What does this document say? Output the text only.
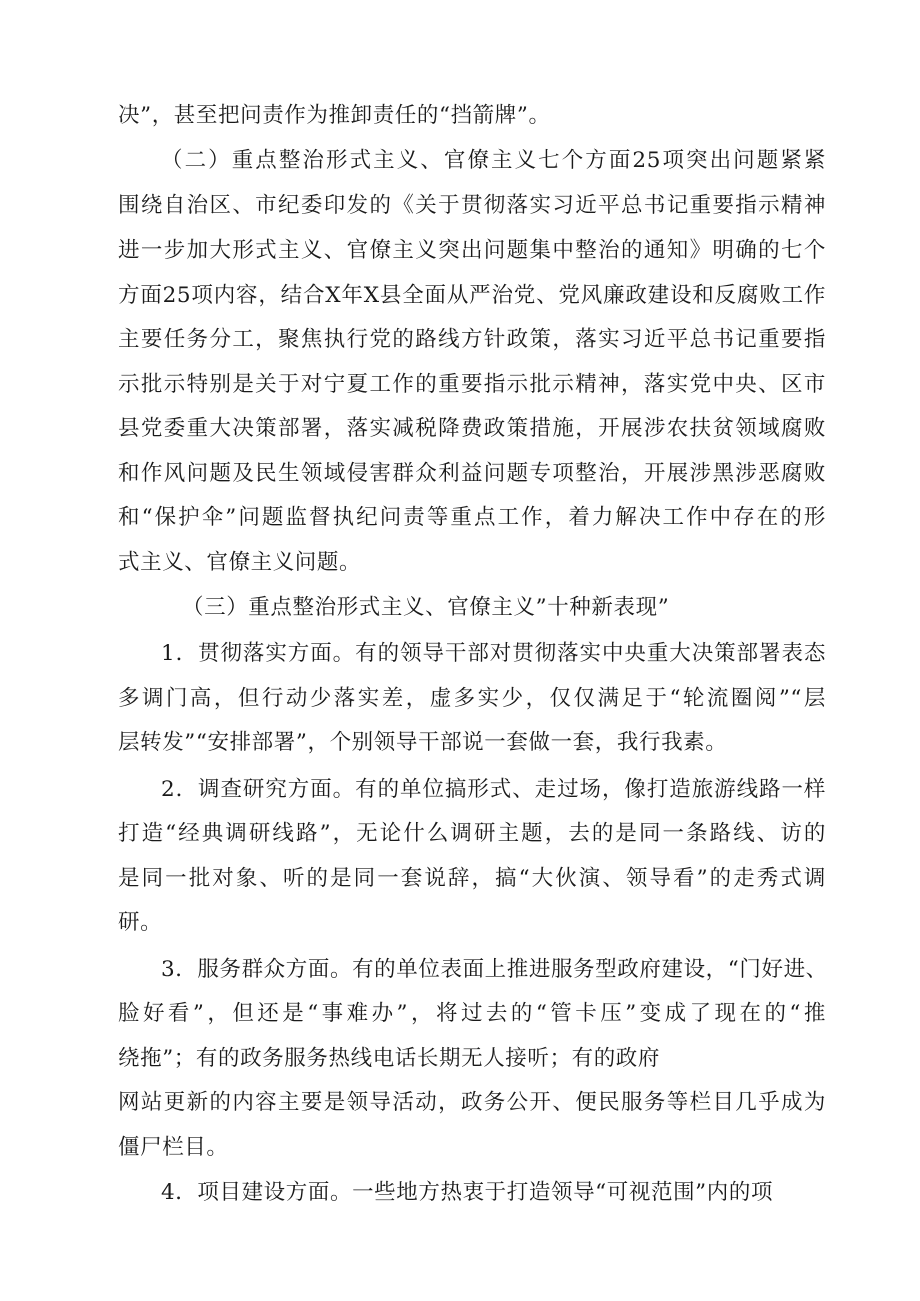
决”，甚至把问责作为推卸责任的“挡箭牌”。
（二）重点整治形式主义、官僚主义七个方面25项突出问题紧紧
围绕自治区、市纪委印发的《关于贯彻落实习近平总书记重要指示精神
进一步加大形式主义、官僚主义突出问题集中整治的通知》明确的七个
方面25项内容，结合X年X县全面从严治党、党风廉政建设和反腐败工作
主要任务分工，聚焦执行党的路线方针政策，落实习近平总书记重要指
示批示特别是关于对宁夏工作的重要指示批示精神，落实党中央、区市
县党委重大决策部署，落实减税降费政策措施，开展涉农扶贫领域腐败
和作风问题及民生领域侵害群众利益问题专项整治，开展涉黑涉恶腐败
和“保护伞”问题监督执纪问责等重点工作，着力解决工作中存在的形
式主义、官僚主义问题。
（三）重点整治形式主义、官僚主义”十种新表现”
1．贯彻落实方面。有的领导干部对贯彻落实中央重大决策部署表态
多调门高，但行动少落实差，虚多实少，仅仅满足于“轮流圈阅”“层
层转发”“安排部署”，个别领导干部说一套做一套，我行我素。
2．调查研究方面。有的单位搞形式、走过场，像打造旅游线路一样
打造“经典调研线路”，无论什么调研主题，去的是同一条路线、访的
是同一批对象、听的是同一套说辞，搞“大伙演、领导看”的走秀式调
研。
3．服务群众方面。有的单位表面上推进服务型政府建设，“门好进、
脸好看”，但还是“事难办”，将过去的“管卡压”变成了现在的“推
绕拖”；有的政务服务热线电话长期无人接听；有的政府
网站更新的内容主要是领导活动，政务公开、便民服务等栏目几乎成为
僵尸栏目。
4．项目建设方面。一些地方热衷于打造领导“可视范围”内的项
